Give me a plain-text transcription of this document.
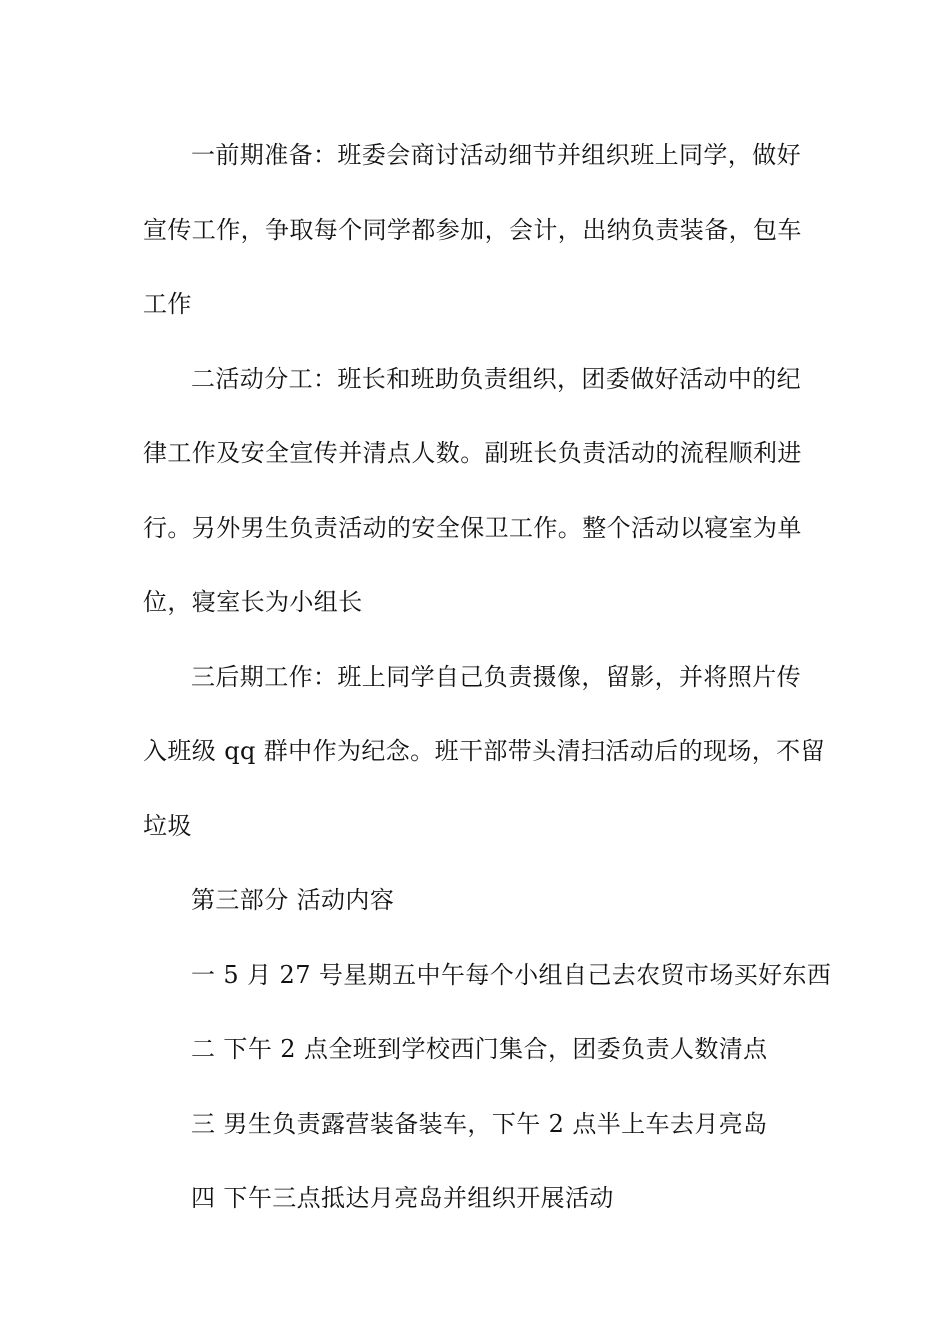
一前期准备：班委会商讨活动细节并组织班上同学，做好
宣传工作，争取每个同学都参加，会计，出纳负责装备，包车
工作

二活动分工：班长和班助负责组织，团委做好活动中的纪
律工作及安全宣传并清点人数。副班长负责活动的流程顺利进
行。另外男生负责活动的安全保卫工作。整个活动以寝室为单
位，寝室长为小组长

三后期工作：班上同学自己负责摄像，留影，并将照片传
入班级 qq 群中作为纪念。班干部带头清扫活动后的现场，不留
垃圾

第三部分 活动内容

一 5 月 27 号星期五中午每个小组自己去农贸市场买好东西

二 下午 2 点全班到学校西门集合，团委负责人数清点

三 男生负责露营装备装车，下午 2 点半上车去月亮岛

四 下午三点抵达月亮岛并组织开展活动
